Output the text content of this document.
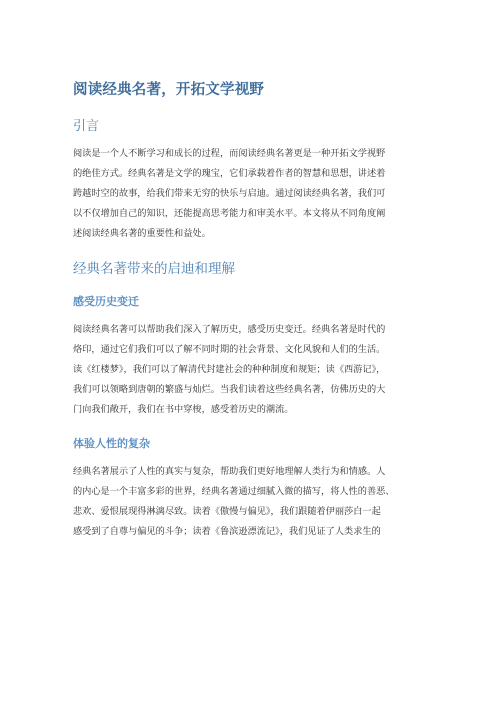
阅读经典名著，开拓文学视野
引言
阅读是一个人不断学习和成长的过程，而阅读经典名著更是一种开拓文学视野
的绝佳方式。经典名著是文学的瑰宝，它们承载着作者的智慧和思想，讲述着
跨越时空的故事，给我们带来无穷的快乐与启迪。通过阅读经典名著，我们可
以不仅增加自己的知识，还能提高思考能力和审美水平。本文将从不同角度阐
述阅读经典名著的重要性和益处。
经典名著带来的启迪和理解
感受历史变迁
阅读经典名著可以帮助我们深入了解历史，感受历史变迁。经典名著是时代的
烙印，通过它们我们可以了解不同时期的社会背景、文化风貌和人们的生活。
读《红楼梦》，我们可以了解清代封建社会的种种制度和规矩；读《西游记》，
我们可以领略到唐朝的繁盛与灿烂。当我们读着这些经典名著，仿佛历史的大
门向我们敞开，我们在书中穿梭，感受着历史的潮流。
体验人性的复杂
经典名著展示了人性的真实与复杂，帮助我们更好地理解人类行为和情感。人
的内心是一个丰富多彩的世界，经典名著通过细腻入微的描写，将人性的善恶、
悲欢、爱恨展现得淋漓尽致。读着《傲慢与偏见》，我们跟随着伊丽莎白一起
感受到了自尊与偏见的斗争；读着《鲁滨逊漂流记》，我们见证了人类求生的
